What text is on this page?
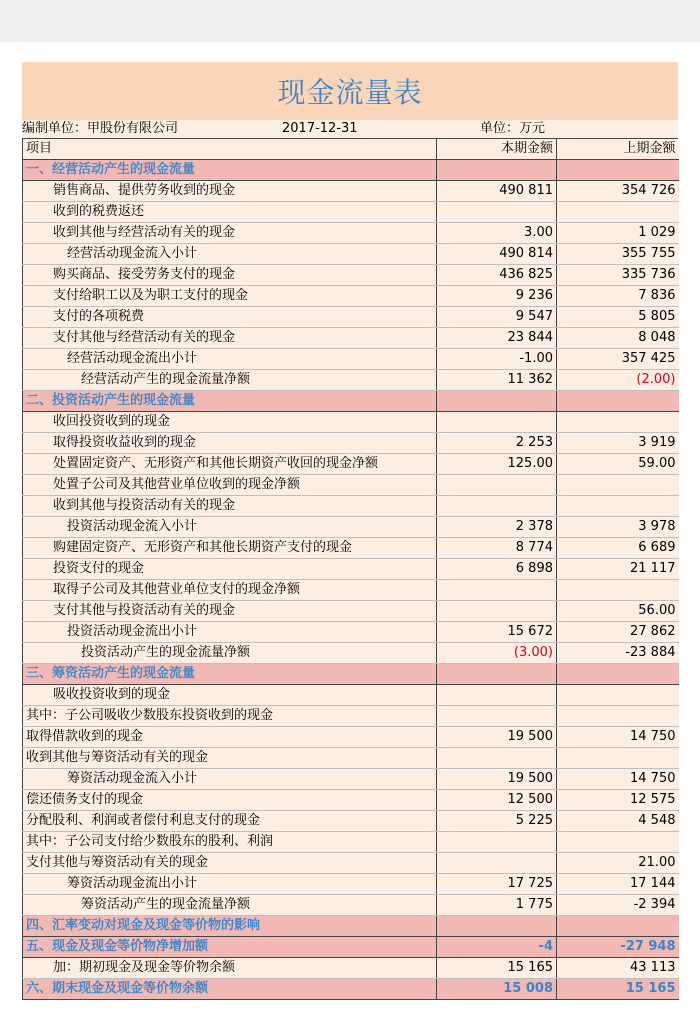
现金流量表
编制单位：甲股份有限公司	2017-12-31	单位：万元
项目	本期金额	上期金额
一、经营活动产生的现金流量		
销售商品、提供劳务收到的现金	490 811	354 726
收到的税费返还		
收到其他与经营活动有关的现金	3.00	1 029
经营活动现金流入小计	490 814	355 755
购买商品、接受劳务支付的现金	436 825	335 736
支付给职工以及为职工支付的现金	9 236	7 836
支付的各项税费	9 547	5 805
支付其他与经营活动有关的现金	23 844	8 048
经营活动现金流出小计	-1.00	357 425
经营活动产生的现金流量净额	11 362	(2.00)
二、投资活动产生的现金流量		
收回投资收到的现金		
取得投资收益收到的现金	2 253	3 919
处置固定资产、无形资产和其他长期资产收回的现金净额	125.00	59.00
处置子公司及其他营业单位收到的现金净额		
收到其他与投资活动有关的现金		
投资活动现金流入小计	2 378	3 978
购建固定资产、无形资产和其他长期资产支付的现金	8 774	6 689
投资支付的现金	6 898	21 117
取得子公司及其他营业单位支付的现金净额		
支付其他与投资活动有关的现金		56.00
投资活动现金流出小计	15 672	27 862
投资活动产生的现金流量净额	(3.00)	-23 884
三、筹资活动产生的现金流量		
吸收投资收到的现金		
其中：子公司吸收少数股东投资收到的现金		
取得借款收到的现金	19 500	14 750
收到其他与筹资活动有关的现金		
筹资活动现金流入小计	19 500	14 750
偿还债务支付的现金	12 500	12 575
分配股利、利润或者偿付利息支付的现金	5 225	4 548
其中：子公司支付给少数股东的股利、利润		
支付其他与筹资活动有关的现金		21.00
筹资活动现金流出小计	17 725	17 144
筹资活动产生的现金流量净额	1 775	-2 394
四、汇率变动对现金及现金等价物的影响		
五、现金及现金等价物净增加额	-4	-27 948
加：期初现金及现金等价物余额	15 165	43 113
六、期末现金及现金等价物余额	15 008	15 165
